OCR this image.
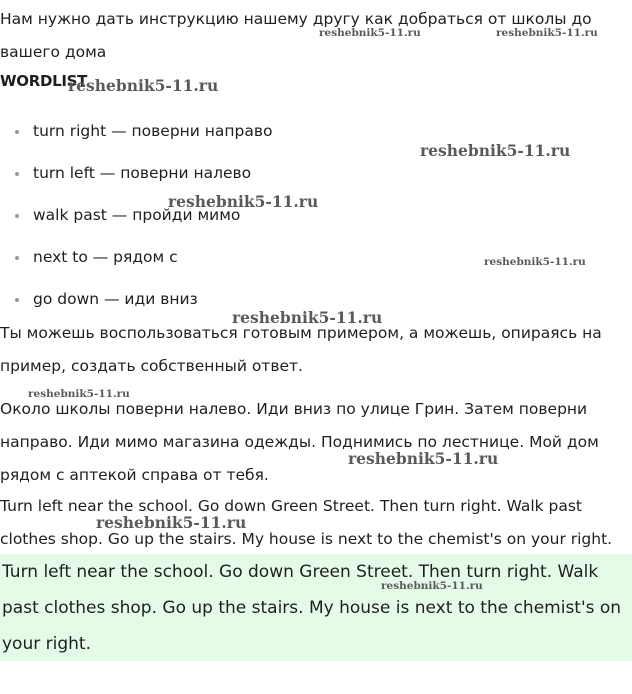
Нам нужно дать инструкцию нашему другу как добраться от школы до вашего дома

WORDLIST
turn right — поверни направо
turn left — поверни налево
walk past — пройди мимо
next to — рядом с
go down — иди вниз

Ты можешь воспользоваться готовым примером, а можешь, опираясь на пример, создать собственный ответ.

Около школы поверни налево. Иди вниз по улице Грин. Затем поверни направо. Иди мимо магазина одежды. Поднимись по лестнице. Мой дом рядом с аптекой справа от тебя.

Turn left near the school. Go down Green Street. Then turn right. Walk past clothes shop. Go up the stairs. My house is next to the chemist's on your right.

Turn left near the school. Go down Green Street. Then turn right. Walk past clothes shop. Go up the stairs. My house is next to the chemist's on your right.

reshebnik5-11.ru	reshebnik5-11.ru
reshebnik5-11.ru
reshebnik5-11.ru
reshebnik5-11.ru
reshebnik5-11.ru
reshebnik5-11.ru
reshebnik5-11.ru
reshebnik5-11.ru
reshebnik5-11.ru
reshebnik5-11.ru
